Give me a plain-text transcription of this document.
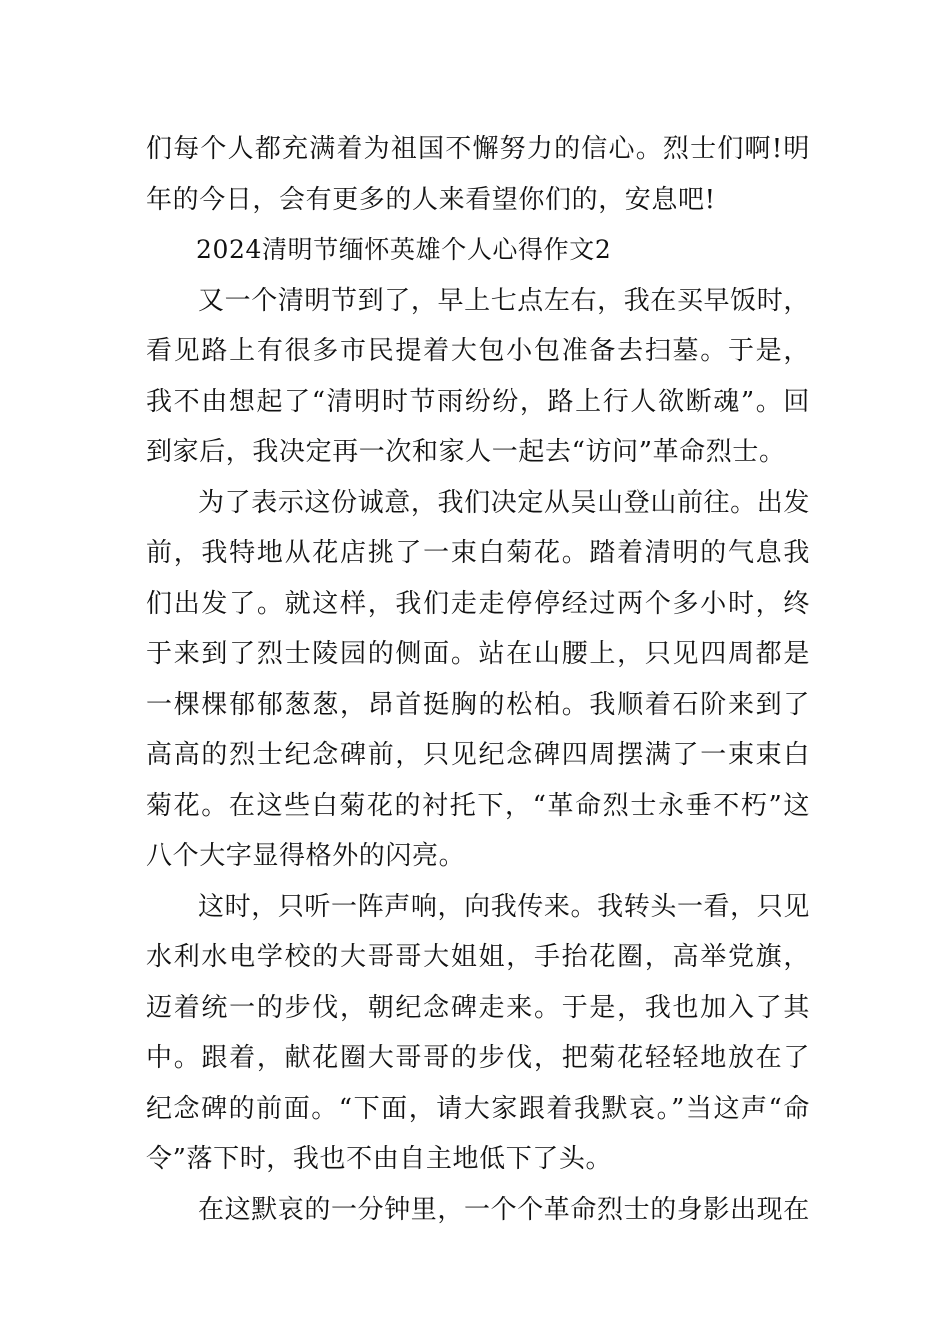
们每个人都充满着为祖国不懈努力的信心。烈士们啊!明年的今日，会有更多的人来看望你们的，安息吧!

2024清明节缅怀英雄个人心得作文2

又一个清明节到了，早上七点左右，我在买早饭时，看见路上有很多市民提着大包小包准备去扫墓。于是，我不由想起了“清明时节雨纷纷，路上行人欲断魂”。回到家后，我决定再一次和家人一起去“访问”革命烈士。

为了表示这份诚意，我们决定从吴山登山前往。出发前，我特地从花店挑了一束白菊花。踏着清明的气息我们出发了。就这样，我们走走停停经过两个多小时，终于来到了烈士陵园的侧面。站在山腰上，只见四周都是一棵棵郁郁葱葱，昂首挺胸的松柏。我顺着石阶来到了高高的烈士纪念碑前，只见纪念碑四周摆满了一束束白菊花。在这些白菊花的衬托下，“革命烈士永垂不朽”这八个大字显得格外的闪亮。

这时，只听一阵声响，向我传来。我转头一看，只见水利水电学校的大哥哥大姐姐，手抬花圈，高举党旗，迈着统一的步伐，朝纪念碑走来。于是，我也加入了其中。跟着，献花圈大哥哥的步伐，把菊花轻轻地放在了纪念碑的前面。“下面，请大家跟着我默哀。”当这声“命令”落下时，我也不由自主地低下了头。

在这默哀的一分钟里，一个个革命烈士的身影出现在
